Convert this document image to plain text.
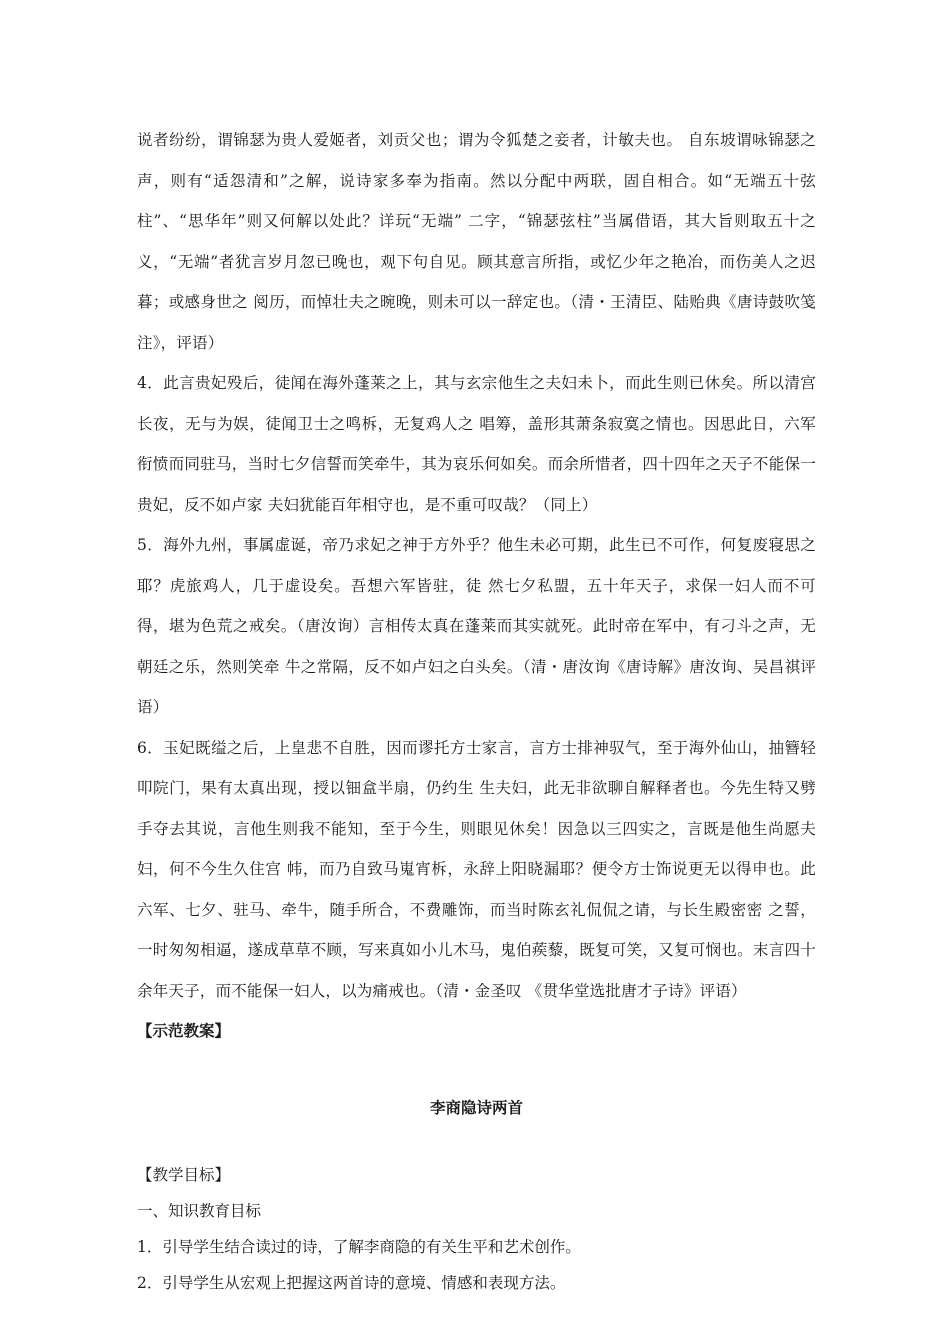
说者纷纷，谓锦瑟为贵人爱姬者，刘贡父也；谓为令狐楚之妾者，计敏夫也。 自东坡谓咏锦瑟之声，则有“适怨清和”之解，说诗家多奉为指南。然以分配中两联，固自相合。如“无端五十弦柱”、“思华年”则又何解以处此？详玩“无端” 二字，“锦瑟弦柱”当属借语，其大旨则取五十之义，“无端”者犹言岁月忽已晚也，观下句自见。顾其意言所指，或忆少年之艳冶，而伤美人之迟暮；或感身世之 阅历，而悼壮夫之晼晚，则未可以一辞定也。（清・王清臣、陆贻典《唐诗鼓吹笺注》，评语）

4．此言贵妃殁后，徒闻在海外蓬莱之上，其与玄宗他生之夫妇未卜，而此生则已休矣。所以清宫长夜，无与为娱，徒闻卫士之鸣柝，无复鸡人之 唱筹，盖形其萧条寂寞之情也。因思此日，六军衔愤而同驻马，当时七夕信誓而笑牵牛，其为哀乐何如矣。而余所惜者，四十四年之天子不能保一贵妃，反不如卢家 夫妇犹能百年相守也，是不重可叹哉？（同上）

5．海外九州，事属虚诞，帝乃求妃之神于方外乎？他生未必可期，此生已不可作，何复废寝思之耶？虎旅鸡人，几于虚设矣。吾想六军皆驻，徒 然七夕私盟，五十年天子，求保一妇人而不可得，堪为色荒之戒矣。（唐汝询）言相传太真在蓬莱而其实就死。此时帝在军中，有刁斗之声，无朝廷之乐，然则笑牵 牛之常隔，反不如卢妇之白头矣。（清・唐汝询《唐诗解》唐汝询、吴昌祺评语）

6．玉妃既缢之后，上皇悲不自胜，因而谬托方士家言，言方士排神驭气，至于海外仙山，抽簪轻叩院门，果有太真出现，授以钿盒半扇，仍约生 生夫妇，此无非欲聊自解释者也。今先生特又劈手夺去其说，言他生则我不能知，至于今生，则眼见休矣！因急以三四实之，言既是他生尚愿夫妇，何不今生久住宫 帏，而乃自致马嵬宵柝，永辞上阳晓漏耶？便令方士饰说更无以得申也。此六军、七夕、驻马、牵牛，随手所合，不费雕饰，而当时陈玄礼侃侃之请，与长生殿密密 之誓，一时匆匆相逼，遂成草草不顾，写来真如小儿木马，鬼伯蒺藜，既复可笑，又复可悯也。末言四十余年天子，而不能保一妇人，以为痛戒也。（清・金圣叹 《贯华堂选批唐才子诗》评语）

【示范教案】

李商隐诗两首

【教学目标】

一、知识教育目标

1．引导学生结合读过的诗，了解李商隐的有关生平和艺术创作。

2．引导学生从宏观上把握这两首诗的意境、情感和表现方法。
